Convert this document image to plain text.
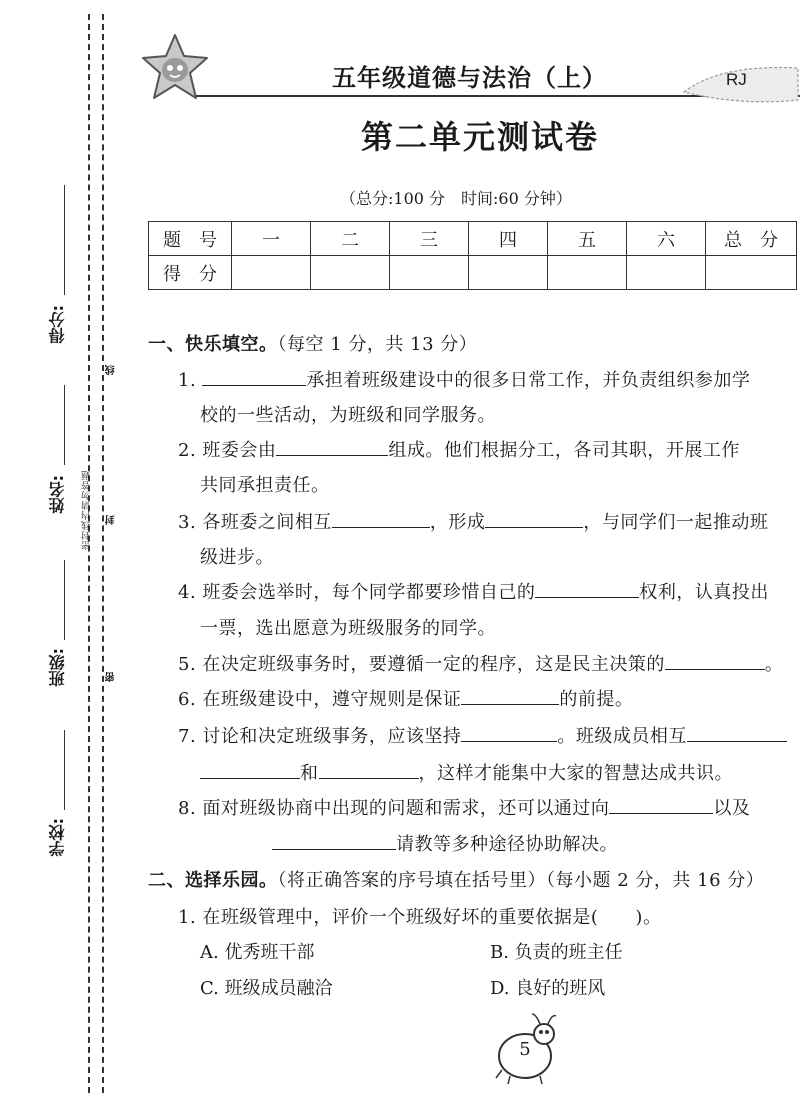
得分:
姓名:
班级:
学校:
密封线内请勿答题
线
封
密
五年级道德与法治（上）	RJ
第二单元测试卷
（总分:100 分　时间:60 分钟）
题　号	一	二	三	四	五	六	总　分
得　分							
一、快乐填空。（每空 1 分，共 13 分）
1.	承担着班级建设中的很多日常工作，并负责组织参加学
校的一些活动，为班级和同学服务。
2. 班委会由	组成。他们根据分工，各司其职，开展工作
共同承担责任。
3. 各班委之间相互	，形成	，与同学们一起推动班
级进步。
4. 班委会选举时，每个同学都要珍惜自己的	权利，认真投出
一票，选出愿意为班级服务的同学。
5. 在决定班级事务时，要遵循一定的程序，这是民主决策的	。
6. 在班级建设中，遵守规则是保证	的前提。
7. 讨论和决定班级事务，应该坚持	。班级成员相互
和	，这样才能集中大家的智慧达成共识。
8. 面对班级协商中出现的问题和需求，还可以通过向	以及
请教等多种途径协助解决。
二、选择乐园。（将正确答案的序号填在括号里）（每小题 2 分，共 16 分）
1. 在班级管理中，评价一个班级好坏的重要依据是(　　)。
A. 优秀班干部	B. 负责的班主任
C. 班级成员融洽	D. 良好的班风
5
